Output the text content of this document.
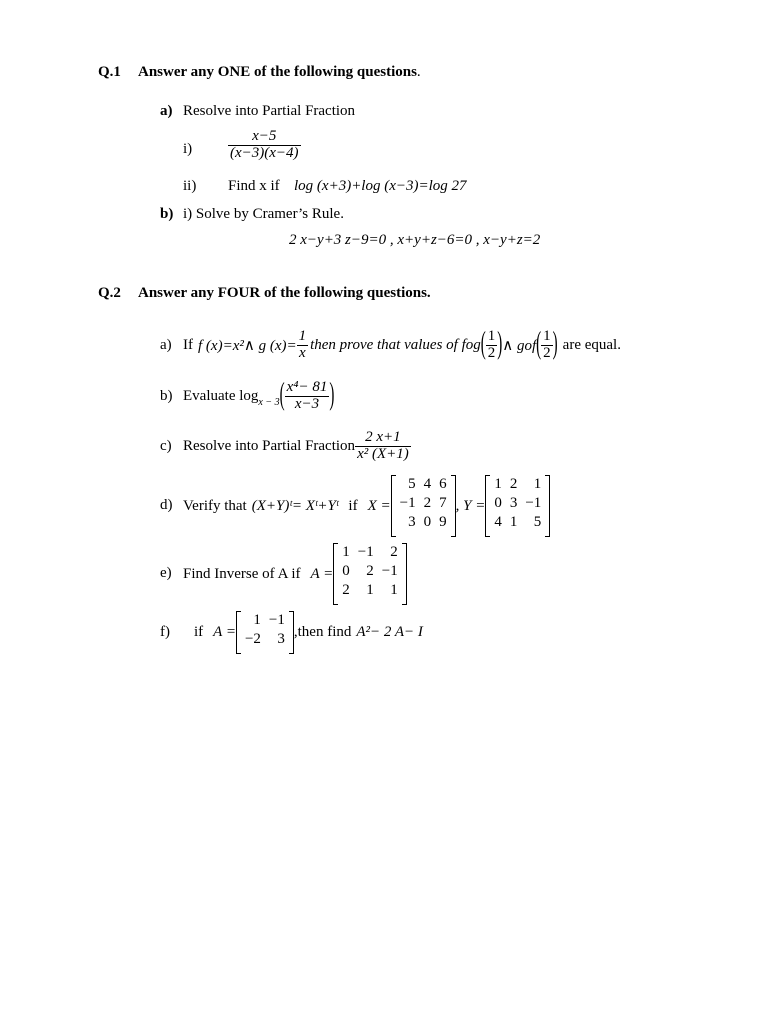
Q.1 Answer any ONE of the following questions.
a) Resolve into Partial Fraction
$i) \frac{x-5}{(x-3)(x-4)}$
ii) Find x if log (x+3)+log (x−3)=log 27
b) i) Solve by Cramer’s Rule.
2 x−y+3 z−9=0 , x+y+z−6=0 , x−y+z=2
Q.2 Answer any FOUR of the following questions.
a) If f (x)=x²∧ g $(x)= \frac{1}{x}$ then prove that values of fog ( $\frac{1}{2}$ ) ∧ gof ( $\frac{1}{2}$ ) are equal.
b) Evaluate log x − 3 ( $\frac{\text{x⁴− 81}}{x-3}$ )
c) Resolve into Partial Fraction $\frac{2 x+1}{\text{x² (X+1)}}$
d) Verify that (X+Y)ᵗ= Xᵗ+Yᵗ if X =
5	4	6
−1	2	7
3	0	9
, Y =
1	2	1
0	3	−1
4	1	5
e) Find Inverse of A if A =
1	−1	2
0	2	−1
2	1	1
f) if A =
1	−1
−2	3 ,then find A²− 2 A− I
